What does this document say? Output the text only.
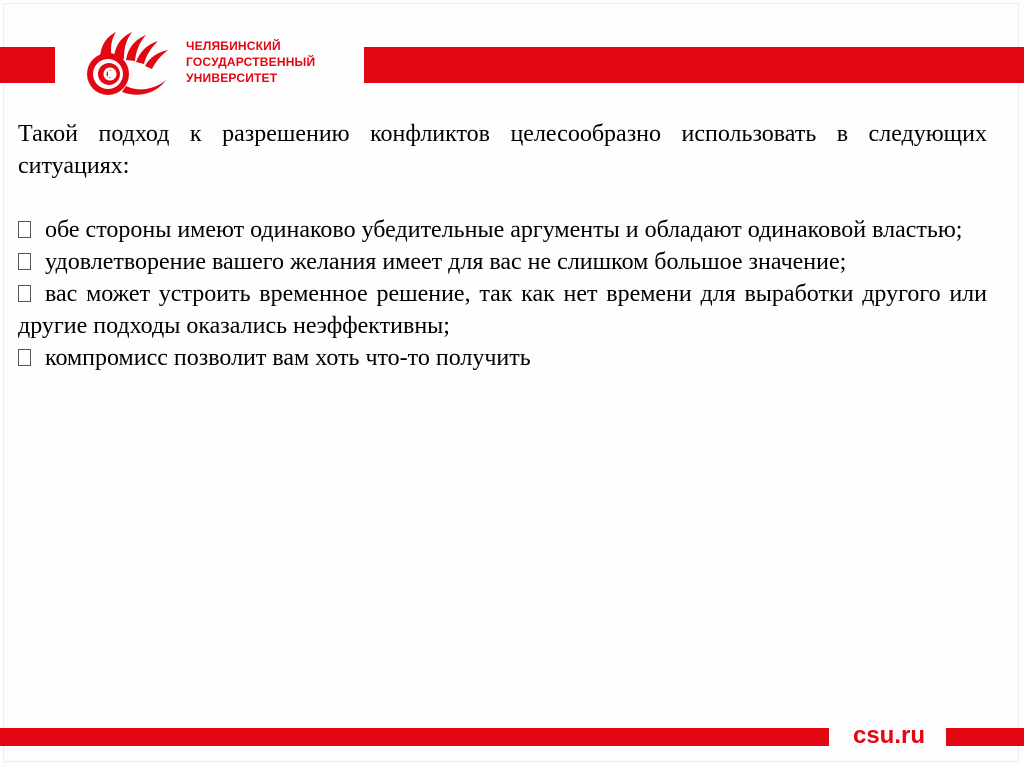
ЧЕЛЯБИНСКИЙ
ГОСУДАРСТВЕННЫЙ
УНИВЕРСИТЕТ

Такой подход к разрешению конфликтов целесообразно использовать в следующих ситуациях:

обе стороны имеют одинаково убедительные аргументы и обладают одинаковой властью;

удовлетворение вашего желания имеет для вас не слишком большое значение;

вас может устроить временное решение, так как нет времени для выработки другого или другие подходы оказались неэффективны;

компромисс позволит вам хоть что-то получить

csu.ru
